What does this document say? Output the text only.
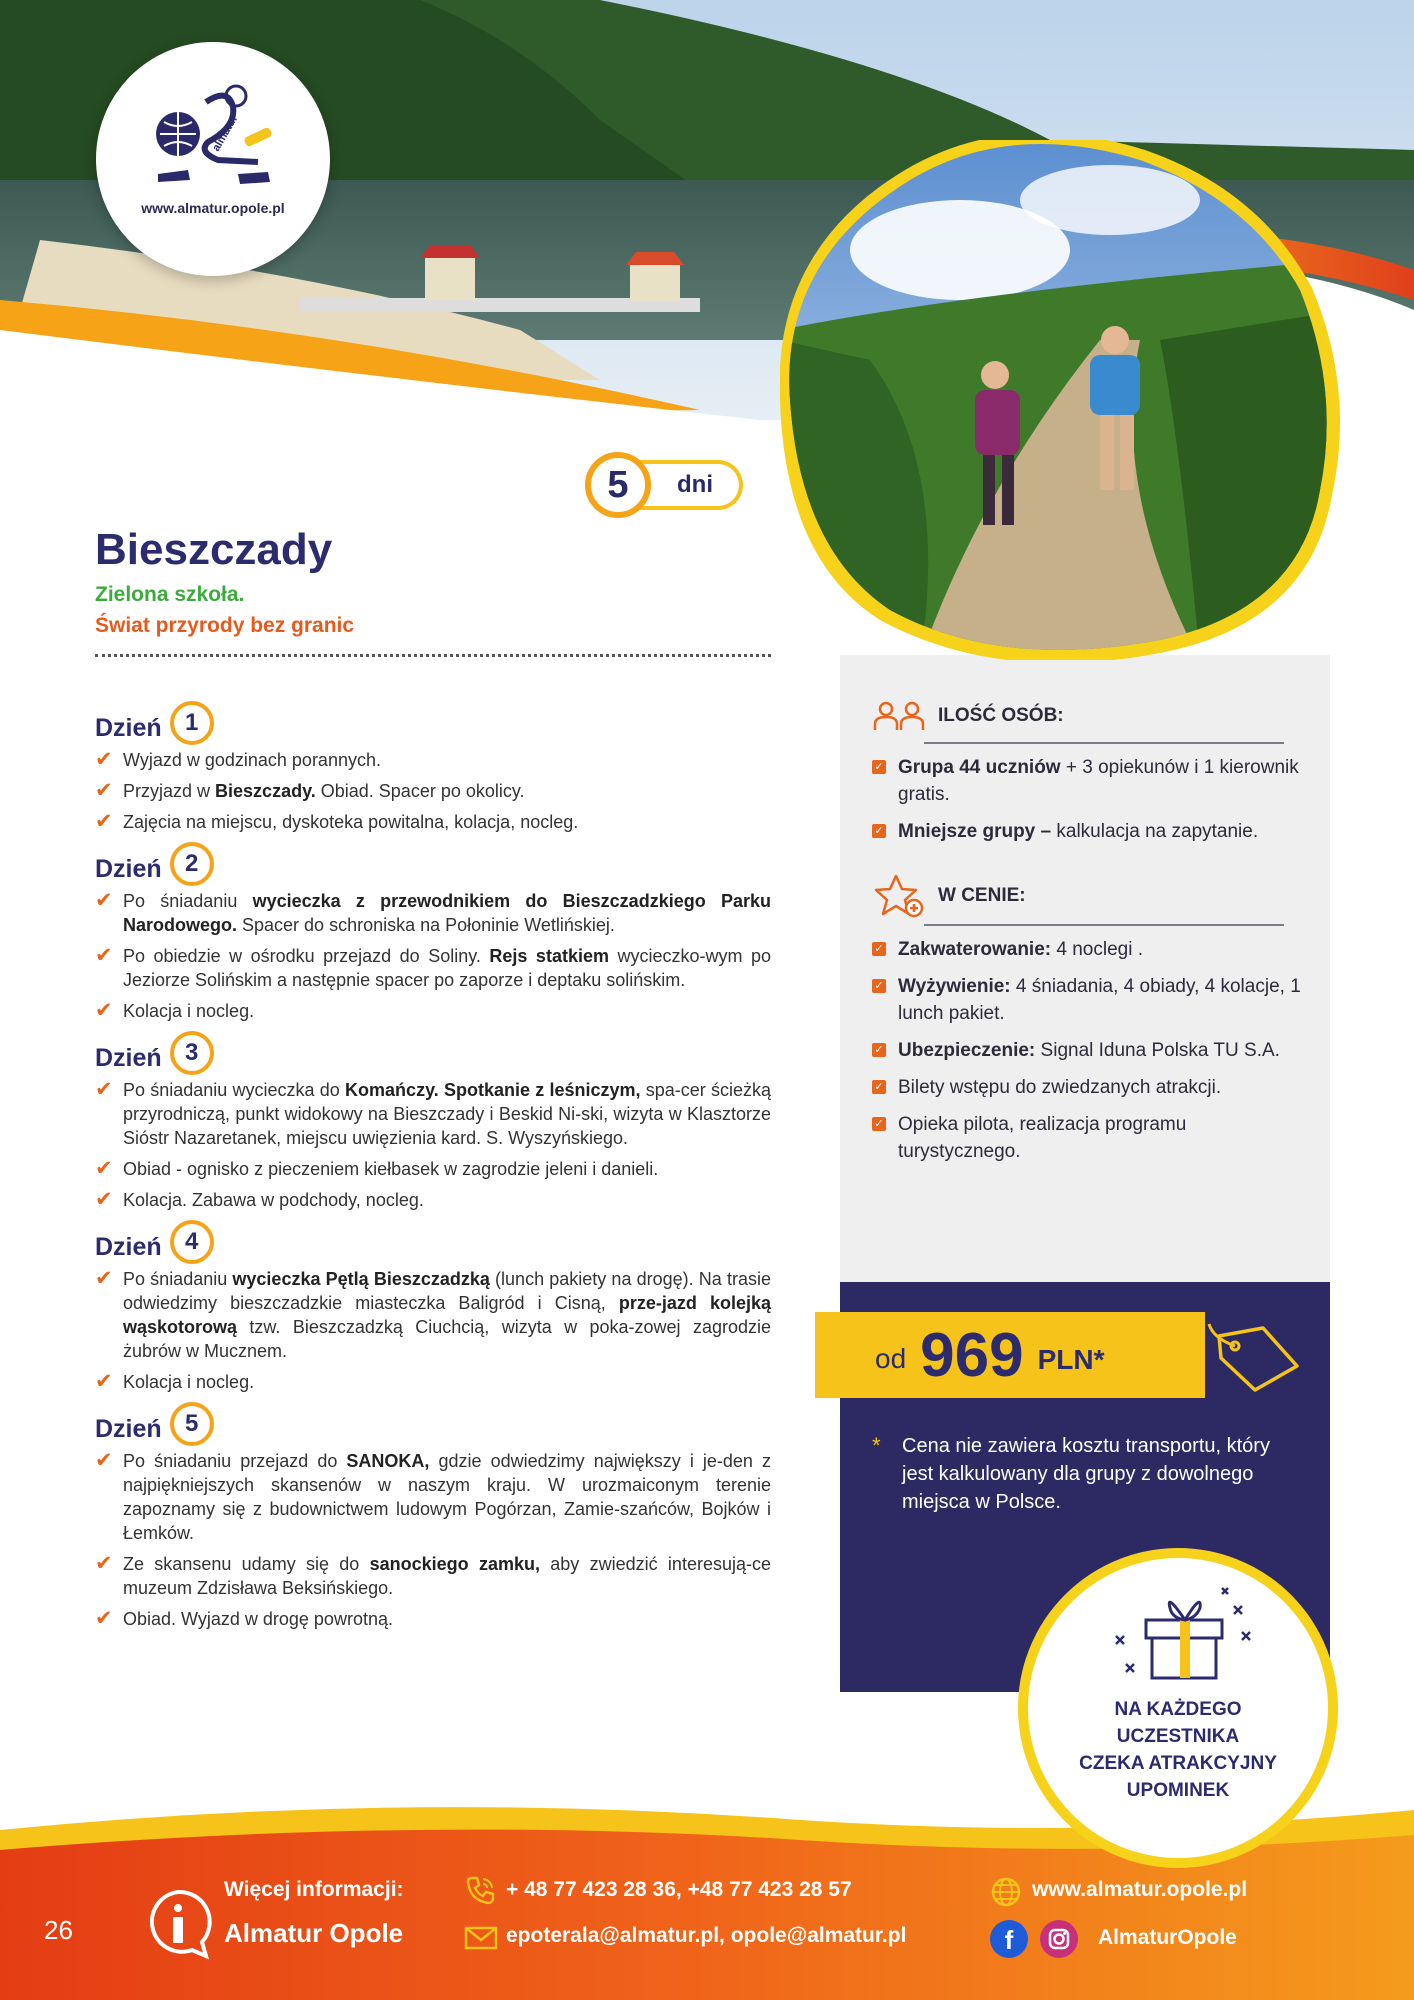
almatur
www.almatur.opole.pl
dni
5
Bieszczady
Zielona szkoła.
Świat przyrody bez granic
Dzień 1
✔ Wyjazd w godzinach porannych.
✔ Przyjazd w Bieszczady. Obiad. Spacer po okolicy.
✔ Zajęcia na miejscu, dyskoteka powitalna, kolacja, nocleg.
Dzień 2
✔ Po śniadaniu wycieczka z przewodnikiem do Bieszczadzkiego Parku Narodowego. Spacer do schroniska na Połoninie Wetlińskiej.
✔ Po obiedzie w ośrodku przejazd do Soliny. Rejs statkiem wycieczko-wym po Jeziorze Solińskim a następnie spacer po zaporze i deptaku solińskim.
✔ Kolacja i nocleg.
Dzień 3
✔ Po śniadaniu wycieczka do Komańczy. Spotkanie z leśniczym, spa-cer ścieżką przyrodniczą, punkt widokowy na Bieszczady i Beskid Ni-ski, wizyta w Klasztorze Sióstr Nazaretanek, miejscu uwięzienia kard. S. Wyszyńskiego.
✔ Obiad - ognisko z pieczeniem kiełbasek w zagrodzie jeleni i danieli.
✔ Kolacja. Zabawa w podchody, nocleg.
Dzień 4
✔ Po śniadaniu wycieczka Pętlą Bieszczadzką (lunch pakiety na drogę). Na trasie odwiedzimy bieszczadzkie miasteczka Baligród i Cisną, prze-jazd kolejką wąskotorową tzw. Bieszczadzką Ciuchcią, wizyta w poka-zowej zagrodzie żubrów w Mucznem.
✔ Kolacja i nocleg.
Dzień 5
✔ Po śniadaniu przejazd do SANOKA, gdzie odwiedzimy największy i je-den z najpiękniejszych skansenów w naszym kraju. W urozmaiconym terenie zapoznamy się z budownictwem ludowym Pogórzan, Zamie-szańców, Bojków i Łemków.
✔ Ze skansenu udamy się do sanockiego zamku, aby zwiedzić interesują-ce muzeum Zdzisława Beksińskiego.
✔ Obiad. Wyjazd w drogę powrotną.
ILOŚĆ OSÓB:
✓ Grupa 44 uczniów + 3 opiekunów i 1 kierownik gratis.
✓ Mniejsze grupy – kalkulacja na zapytanie.
W CENIE:
✓ Zakwaterowanie: 4 noclegi .
✓ Wyżywienie: 4 śniadania, 4 obiady, 4 kolacje, 1 lunch pakiet.
✓ Ubezpieczenie: Signal Iduna Polska TU S.A.
✓ Bilety wstępu do zwiedzanych atrakcji.
✓ Opieka pilota, realizacja programu turystycznego.
od 969 PLN*
* Cena nie zawiera kosztu transportu, który jest kalkulowany dla grupy z dowolnego miejsca w Polsce.
NA KAŻDEGO
UCZESTNIKA
CZEKA ATRAKCYJNY
UPOMINEK
26
Więcej informacji:
Almatur Opole
+ 48 77 423 28 36, +48 77 423 28 57
epoterala@almatur.pl, opole@almatur.pl
www.almatur.opole.pl
f	AlmaturOpole
